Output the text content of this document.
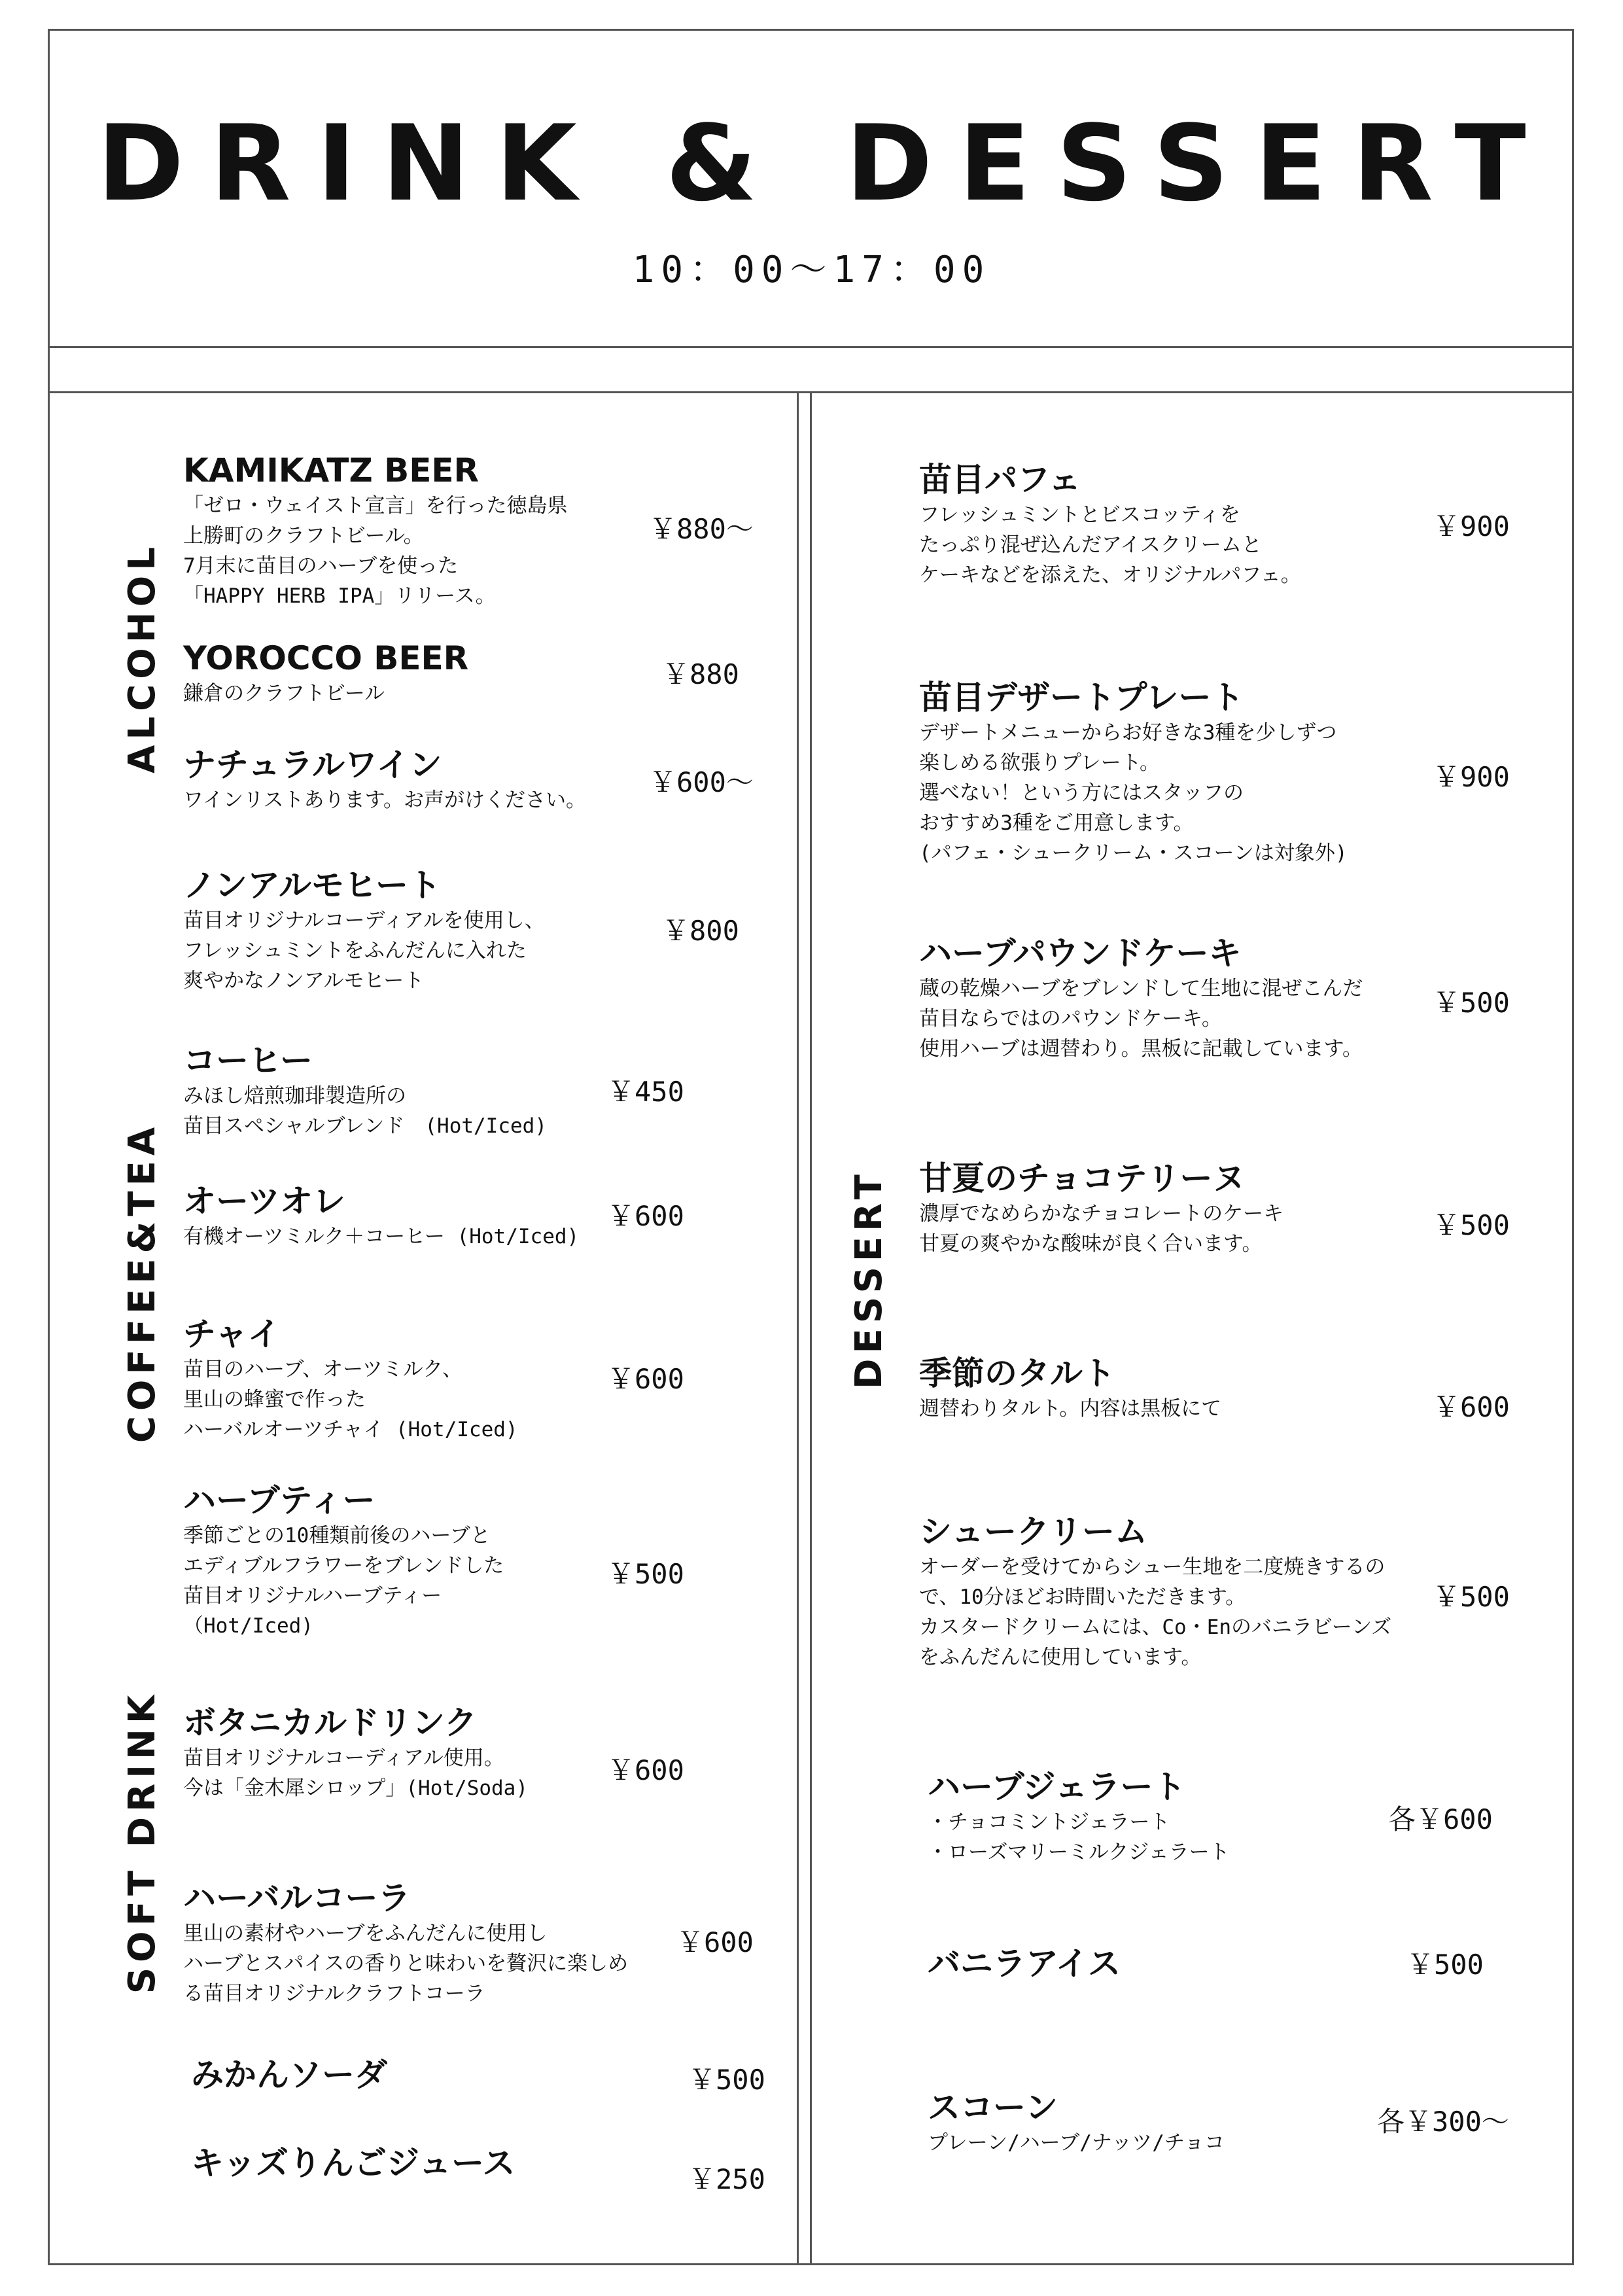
DRINK & DESSERT
10：00～17：00
ALCOHOL
COFFEE&TEA
SOFT DRINK
DESSERT
KAMIKATZ BEER
「ゼロ・ウェイスト宣言」を行った徳島県
上勝町のクラフトビール。
7月末に苗目のハーブを使った
「HAPPY HERB IPA」リリース。
￥880～
YOROCCO BEER
鎌倉のクラフトビール
￥880
ナチュラルワイン
ワインリストあります。お声がけください。
￥600～
ノンアルモヒート
苗目オリジナルコーディアルを使用し、
フレッシュミントをふんだんに入れた
爽やかなノンアルモヒート
￥800
コーヒー
みほし焙煎珈琲製造所の
苗目スペシャルブレンド　(Hot/Iced)
￥450
オーツオレ
有機オーツミルク＋コーヒー (Hot/Iced)
￥600
チャイ
苗目のハーブ、オーツミルク、
里山の蜂蜜で作った
ハーバルオーツチャイ (Hot/Iced)
￥600
ハーブティー
季節ごとの10種類前後のハーブと
エディブルフラワーをブレンドした
苗目オリジナルハーブティー
（Hot/Iced)
￥500
ボタニカルドリンク
苗目オリジナルコーディアル使用。
今は「金木犀シロップ」(Hot/Soda)
￥600
ハーバルコーラ
里山の素材やハーブをふんだんに使用し
ハーブとスパイスの香りと味わいを贅沢に楽しめ
る苗目オリジナルクラフトコーラ
￥600
みかんソーダ	￥500
キッズりんごジュース	￥250
苗目パフェ
フレッシュミントとビスコッティを
たっぷり混ぜ込んだアイスクリームと
ケーキなどを添えた、オリジナルパフェ。
￥900
苗目デザートプレート
デザートメニューからお好きな3種を少しずつ
楽しめる欲張りプレート。
選べない！という方にはスタッフの
おすすめ3種をご用意します。
(パフェ・シュークリーム・スコーンは対象外)
￥900
ハーブパウンドケーキ
蔵の乾燥ハーブをブレンドして生地に混ぜこんだ
苗目ならではのパウンドケーキ。
使用ハーブは週替わり。黒板に記載しています。
￥500
甘夏のチョコテリーヌ
濃厚でなめらかなチョコレートのケーキ
甘夏の爽やかな酸味が良く合います。
￥500
季節のタルト
週替わりタルト。内容は黒板にて	￥600
シュークリーム
オーダーを受けてからシュー生地を二度焼きするの
で、10分ほどお時間いただきます。
カスタードクリームには、Co・Enのバニラビーンズ
をふんだんに使用しています。
￥500
ハーブジェラート
・チョコミントジェラート
・ローズマリーミルクジェラート
各￥600
バニラアイス	￥500
スコーン
プレーン/ハーブ/ナッツ/チョコ
各￥300～
